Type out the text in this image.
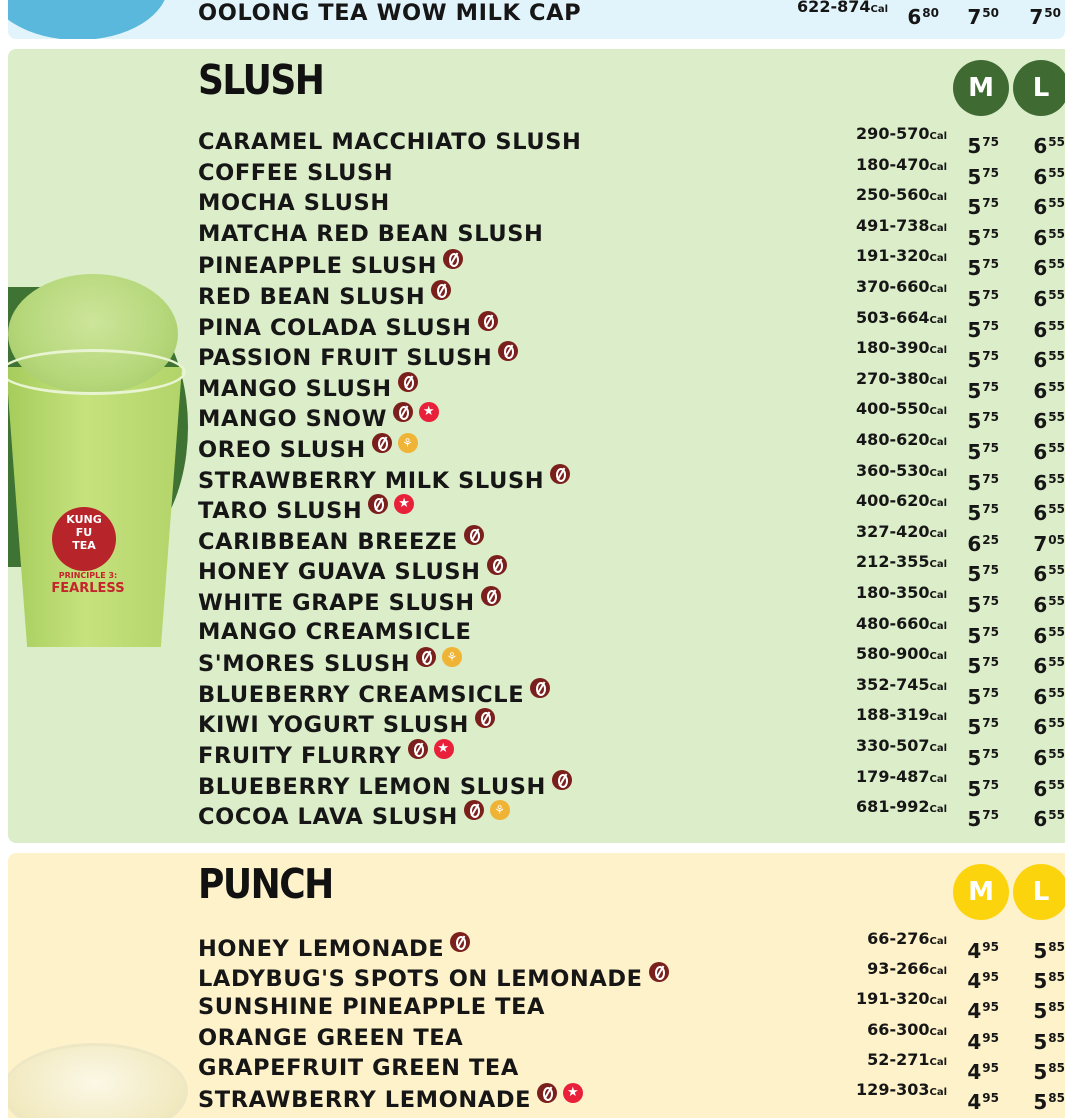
OOLONG TEA WOW MILK CAP	622-874Cal $6^{80}$ $7^{50}$ $7^{50}$
SLUSH	M	L
KUNG
FU
TEA
PRINCIPLE 3:
FEARLESS
CARAMEL MACCHIATO SLUSH	290-570Cal $5^{75}$ $6^{55}$
COFFEE SLUSH	180-470Cal $5^{75}$ $6^{55}$
MOCHA SLUSH	250-560Cal $5^{75}$ $6^{55}$
MATCHA RED BEAN SLUSH	491-738Cal $5^{75}$ $6^{55}$
PINEAPPLE SLUSH	191-320Cal $5^{75}$ $6^{55}$
RED BEAN SLUSH	370-660Cal $5^{75}$ $6^{55}$
PINA COLADA SLUSH	503-664Cal $5^{75}$ $6^{55}$
PASSION FRUIT SLUSH	180-390Cal $5^{75}$ $6^{55}$
MANGO SLUSH	270-380Cal $5^{75}$ $6^{55}$
MANGO SNOW ★	400-550Cal $5^{75}$ $6^{55}$
OREO SLUSH ⚘	480-620Cal $5^{75}$ $6^{55}$
STRAWBERRY MILK SLUSH	360-530Cal $5^{75}$ $6^{55}$
TARO SLUSH ★	400-620Cal $5^{75}$ $6^{55}$
CARIBBEAN BREEZE	327-420Cal $6^{25}$ $7^{05}$
HONEY GUAVA SLUSH	212-355Cal $5^{75}$ $6^{55}$
WHITE GRAPE SLUSH	180-350Cal $5^{75}$ $6^{55}$
MANGO CREAMSICLE	480-660Cal $5^{75}$ $6^{55}$
S'MORES SLUSH ⚘	580-900Cal $5^{75}$ $6^{55}$
BLUEBERRY CREAMSICLE	352-745Cal $5^{75}$ $6^{55}$
KIWI YOGURT SLUSH	188-319Cal $5^{75}$ $6^{55}$
FRUITY FLURRY ★	330-507Cal $5^{75}$ $6^{55}$
BLUEBERRY LEMON SLUSH	179-487Cal $5^{75}$ $6^{55}$
COCOA LAVA SLUSH ⚘	681-992Cal $5^{75}$ $6^{55}$
PUNCH	M	L
HONEY LEMONADE	66-276Cal $4^{95}$ $5^{85}$
LADYBUG'S SPOTS ON LEMONADE	93-266Cal $4^{95}$ $5^{85}$
SUNSHINE PINEAPPLE TEA	191-320Cal $4^{95}$ $5^{85}$
ORANGE GREEN TEA	66-300Cal $4^{95}$ $5^{85}$
GRAPEFRUIT GREEN TEA	52-271Cal $4^{95}$ $5^{85}$
STRAWBERRY LEMONADE ★	129-303Cal $4^{95}$ $5^{85}$
